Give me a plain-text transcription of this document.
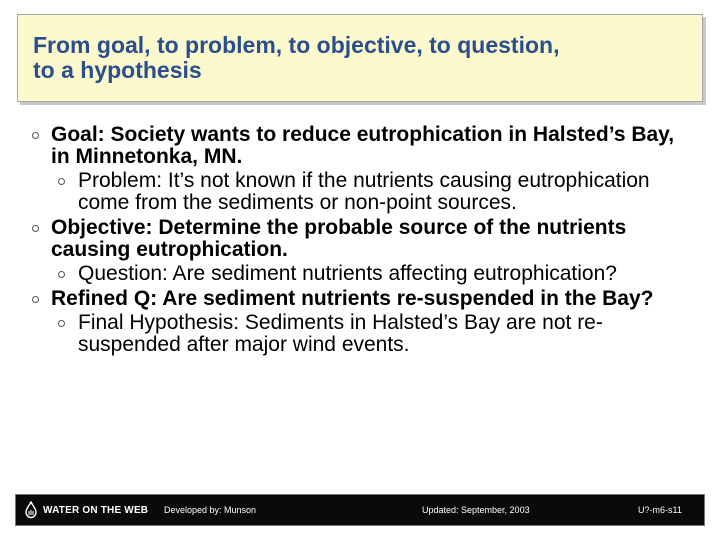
From goal, to problem, to objective, to question,
to a hypothesis
Goal: Society wants to reduce eutrophication in Halsted’s Bay, in Minnetonka, MN.
Problem: It’s not known if the nutrients causing eutrophication come from the sediments or non-point sources.
Objective: Determine the probable source of the nutrients causing eutrophication.
Question: Are sediment nutrients affecting eutrophication?
Refined Q: Are sediment nutrients re-suspended in the Bay?
Final Hypothesis: Sediments in Halsted’s Bay are not re-suspended after major wind events.
WATER ON THE WEB Developed by: Munson	Updated: September, 2003	U?-m6-s11
